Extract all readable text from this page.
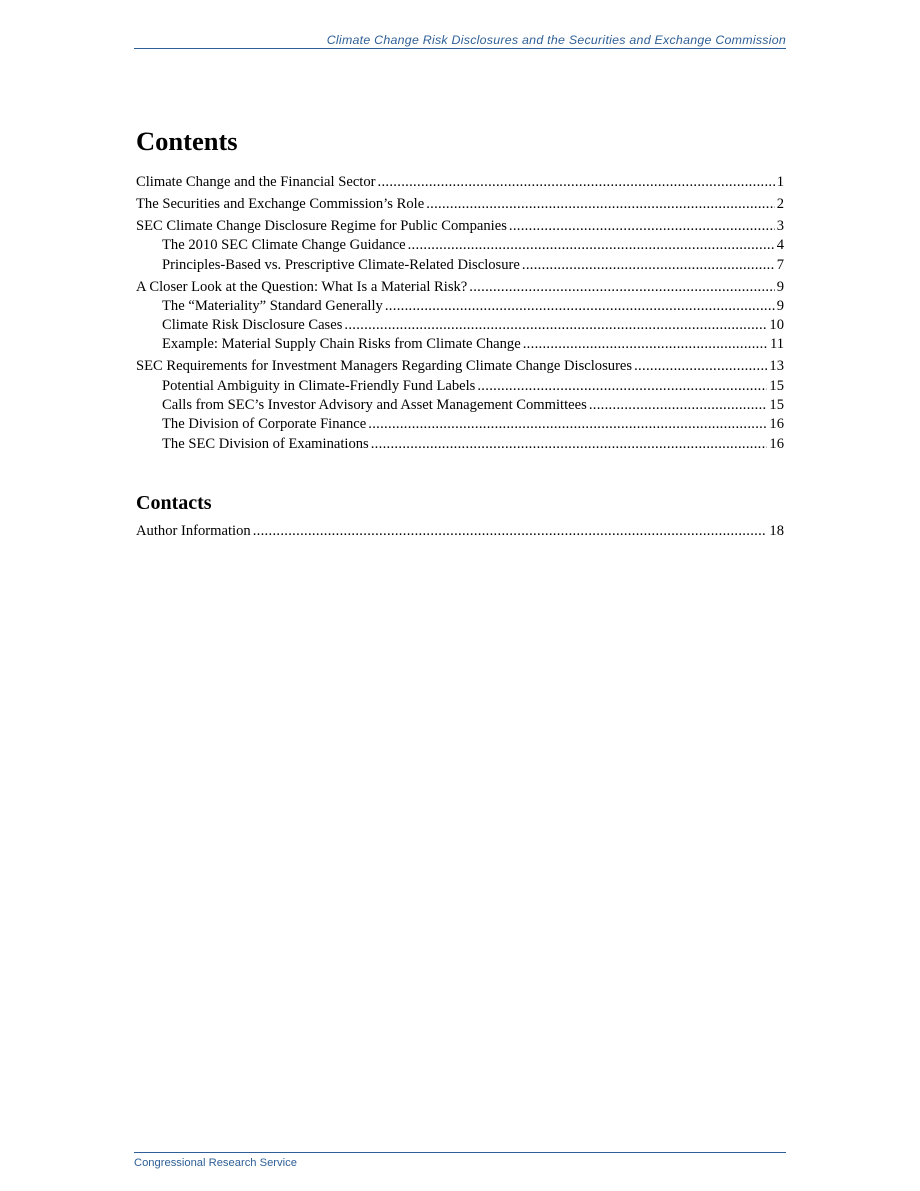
Climate Change Risk Disclosures and the Securities and Exchange Commission
Contents
Climate Change and the Financial Sector .....	1
The Securities and Exchange Commission’s Role .....	2
SEC Climate Change Disclosure Regime for Public Companies .....	3
The 2010 SEC Climate Change Guidance .....	4
Principles-Based vs. Prescriptive Climate-Related Disclosure .....	7
A Closer Look at the Question: What Is a Material Risk? .....	9
The “Materiality” Standard Generally .....	9
Climate Risk Disclosure Cases .....	10
Example: Material Supply Chain Risks from Climate Change .....	11
SEC Requirements for Investment Managers Regarding Climate Change Disclosures .....	13
Potential Ambiguity in Climate-Friendly Fund Labels .....	15
Calls from SEC’s Investor Advisory and Asset Management Committees .....	15
The Division of Corporate Finance .....	16
The SEC Division of Examinations .....	16
Contacts
Author Information .....	18
Congressional Research Service
